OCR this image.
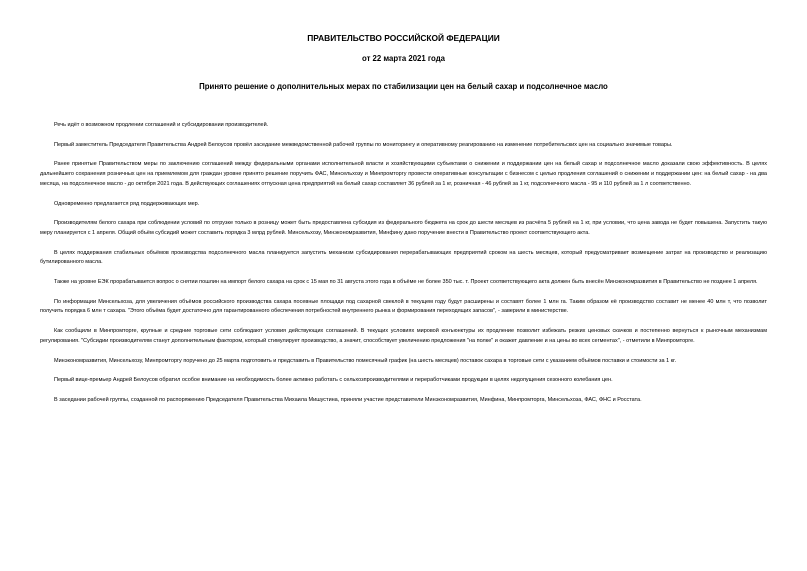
ПРАВИТЕЛЬСТВО РОССИЙСКОЙ ФЕДЕРАЦИИ

от 22 марта 2021 года

Принято решение о дополнительных мерах по стабилизации цен на белый сахар и подсолнечное масло

Речь идёт о возможном продлении соглашений и субсидировании производителей.

Первый заместитель Председателя Правительства Андрей Белоусов провёл заседание межведомственной рабочей группы по мониторингу и оперативному реагированию на изменение потребительских цен на социально значимые товары.

Ранее принятые Правительством меры по заключению соглашений между федеральными органами исполнительной власти и хозяйствующими субъектами о снижении и поддержании цен на белый сахар и подсолнечное масло доказали свою эффективность. В целях дальнейшего сохранения розничных цен на приемлемом для граждан уровне принято решение поручить ФАС, Минсельхозу и Минпромторгу провести оперативные консультации с бизнесом с целью продления соглашений о снижении и поддержании цен: на белый сахар - на два месяца, на подсолнечное масло - до октября 2021 года. В действующих соглашениях отпускная цена предприятий на белый сахар составляет 36 рублей за 1 кг, розничная - 46 рублей за 1 кг, подсолнечного масла - 95 и 110 рублей за 1 л соответственно.

Одновременно предлагается ряд поддерживающих мер.

Производителям белого сахара при соблюдении условий по отгрузке только в розницу может быть предоставлена субсидия из федерального бюджета на срок до шести месяцев из расчёта 5 рублей на 1 кг, при условии, что цена завода не будет повышена. Запустить такую меру планируется с 1 апреля. Общий объём субсидий может составить порядка 3 млрд рублей. Минсельхозу, Минэкономразвития, Минфину дано поручение внести в Правительство проект соответствующего акта.

В целях поддержания стабильных объёмов производства подсолнечного масла планируется запустить механизм субсидирования перерабатывающих предприятий сроком на шесть месяцев, который предусматривает возмещение затрат на производство и реализацию бутилированного масла.

Также на уровне ЕЭК прорабатывается вопрос о снятии пошлин на импорт белого сахара на срок с 15 мая по 31 августа этого года в объёме не более 350 тыс. т. Проект соответствующего акта должен быть внесён Минэкономразвития в Правительство не позднее 1 апреля.

По информации Минсельхоза, для увеличения объёмов российского производства сахара посевные площади под сахарной свеклой в текущем году будут расширены и составят более 1 млн га. Таким образом её производство составит не менее 40 млн т, что позволит получить порядка 6 млн т сахара. "Этого объёма будет достаточно для гарантированного обеспечения потребностей внутреннего рынка и формирования переходящих запасов", - заверили в министерстве.

Как сообщили в Минпромторге, крупные и средние торговые сети соблюдают условия действующих соглашений. В текущих условиях мировой конъюнктуры их продление позволит избежать резких ценовых скачков и постепенно вернуться к рыночным механизмам регулирования. "Субсидии производителям станут дополнительным фактором, который стимулирует производство, а значит, способствует увеличению предложения "на полке" и окажет давление и на цены во всех сегментах", - отметили в Минпромторге.

Минэкономразвития, Минсельхозу, Минпромторгу поручено до 25 марта подготовить и представить в Правительство помесячный график (на шесть месяцев) поставок сахара в торговые сети с указанием объёмов поставки и стоимости за 1 кг.

Первый вице-премьер Андрей Белоусов обратил особое внимание на необходимость более активно работать с сельхозпроизводителями и переработчиками продукции в целях недопущения сезонного колебания цен.

В заседании рабочей группы, созданной по распоряжению Председателя Правительства Михаила Мишустина, приняли участие представители Минэкономразвития, Минфина, Минпромторга, Минсельхоза, ФАС, ФНС и Росстата.
